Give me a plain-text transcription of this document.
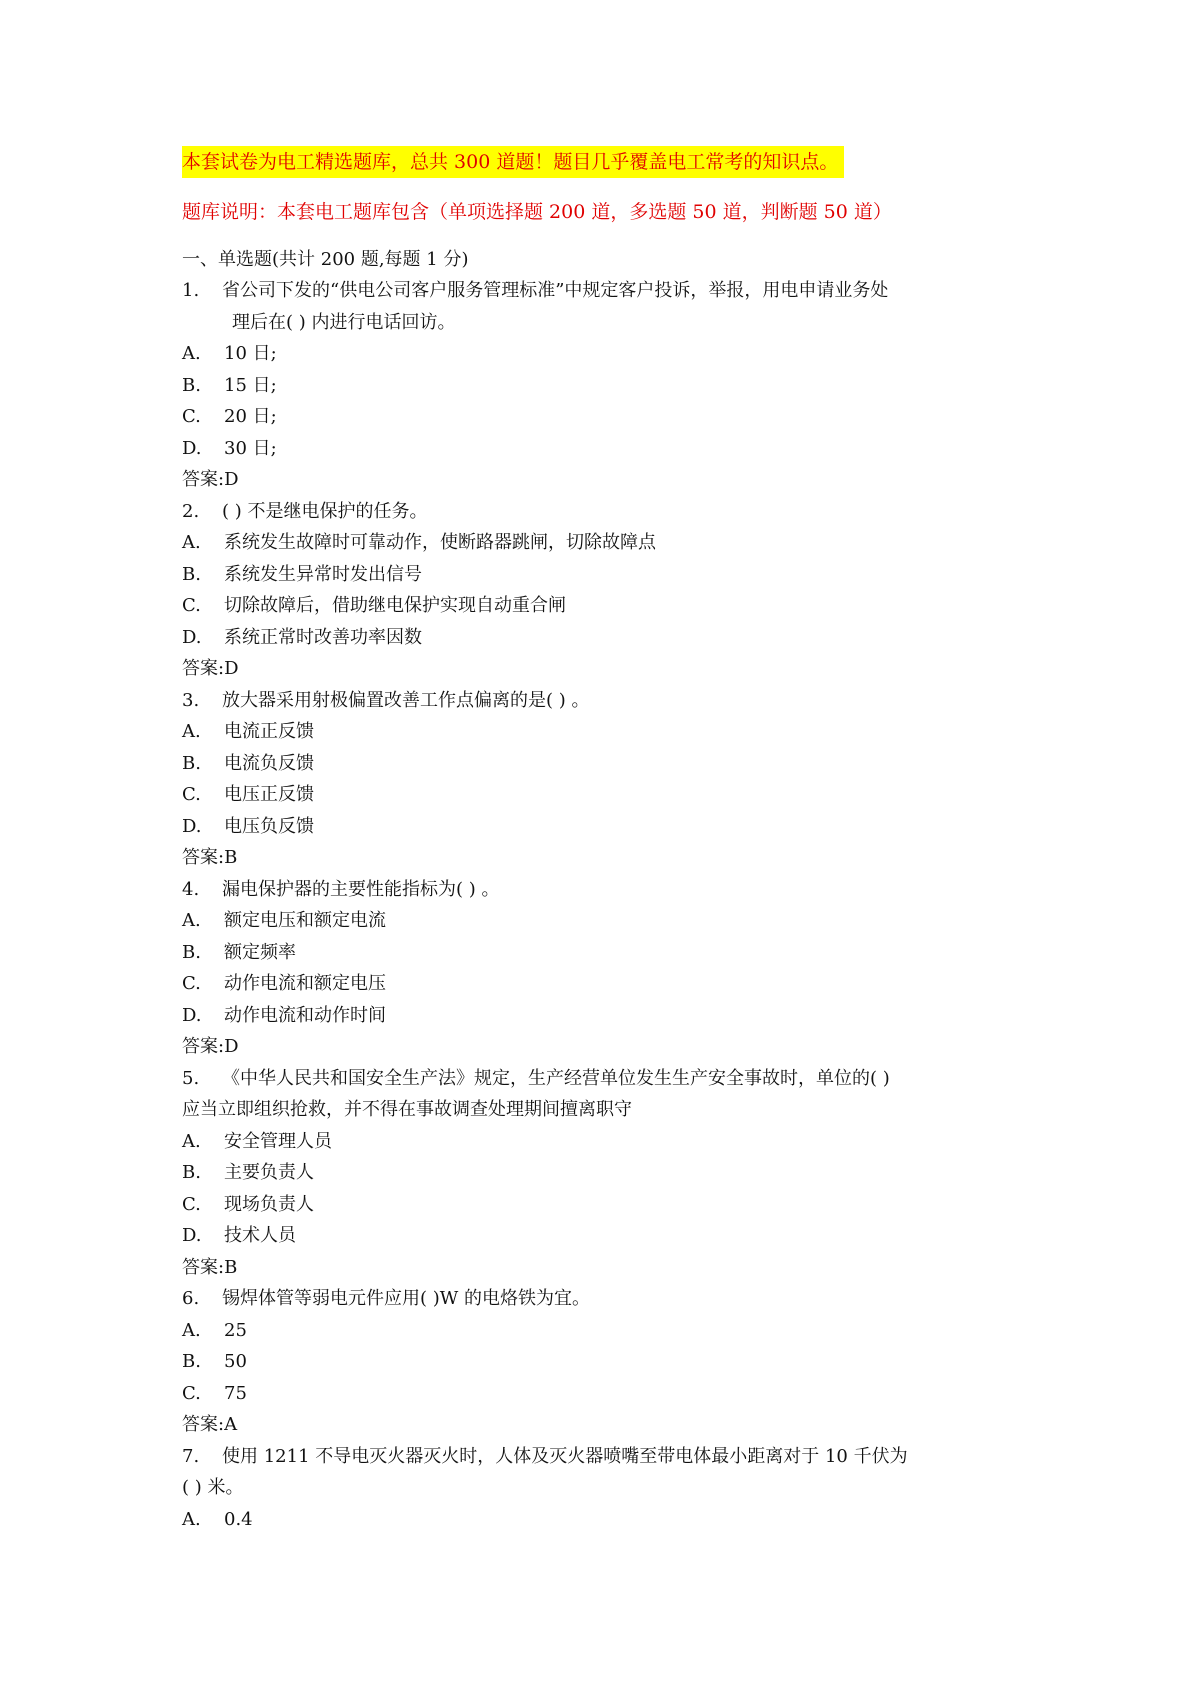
本套试卷为电工精选题库，总共 300 道题！题目几乎覆盖电工常考的知识点。
题库说明：本套电工题库包含（单项选择题 200 道，多选题 50 道，判断题 50 道）
一、单选题(共计 200 题,每题 1 分)
1. 省公司下发的“供电公司客户服务管理标准”中规定客户投诉，举报，用电申请业务处
理后在( ) 内进行电话回访。
A. 10 日;
B. 15 日;
C. 20 日;
D. 30 日;
答案:D
2. ( ) 不是继电保护的任务。
A. 系统发生故障时可靠动作，使断路器跳闸，切除故障点
B. 系统发生异常时发出信号
C. 切除故障后，借助继电保护实现自动重合闸
D. 系统正常时改善功率因数
答案:D
3. 放大器采用射极偏置改善工作点偏离的是( ) 。
A. 电流正反馈
B. 电流负反馈
C. 电压正反馈
D. 电压负反馈
答案:B
4. 漏电保护器的主要性能指标为( ) 。
A. 额定电压和额定电流
B. 额定频率
C. 动作电流和额定电压
D. 动作电流和动作时间
答案:D
5. 《中华人民共和国安全生产法》规定，生产经营单位发生生产安全事故时，单位的( )
应当立即组织抢救，并不得在事故调查处理期间擅离职守
A. 安全管理人员
B. 主要负责人
C. 现场负责人
D. 技术人员
答案:B
6. 锡焊体管等弱电元件应用( )W 的电烙铁为宜。
A. 25
B. 50
C. 75
答案:A
7. 使用 1211 不导电灭火器灭火时，人体及灭火器喷嘴至带电体最小距离对于 10 千伏为
( ) 米。
A. 0.4
